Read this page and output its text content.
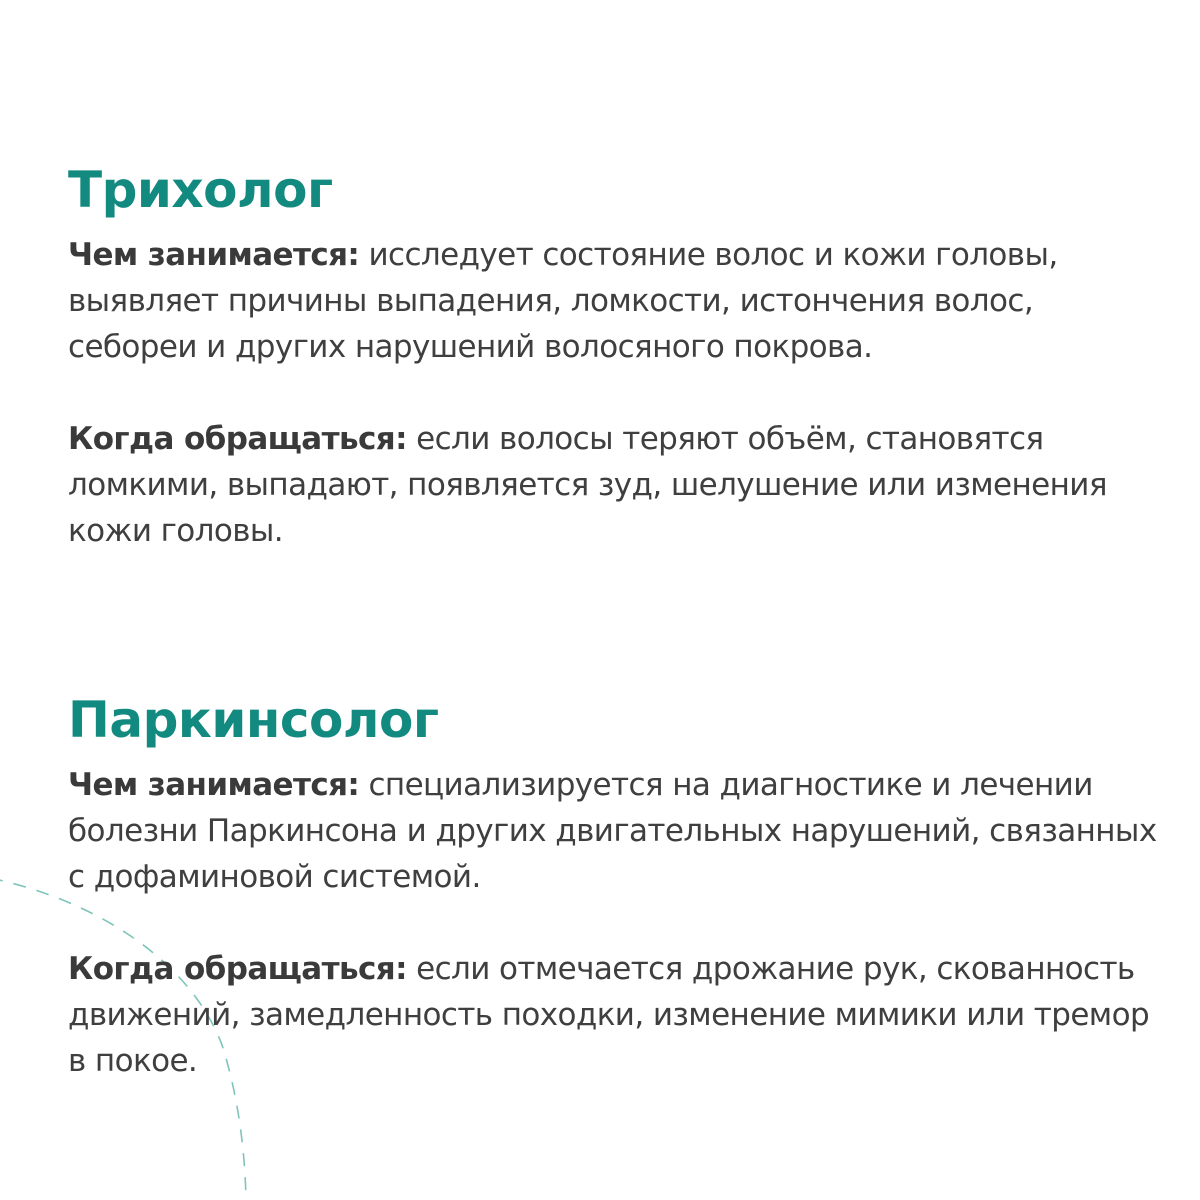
Трихолог

Чем занимается: исследует состояние волос и кожи головы, выявляет причины выпадения, ломкости, истончения волос, себореи и других нарушений волосяного покрова.

Когда обращаться: если волосы теряют объём, становятся ломкими, выпадают, появляется зуд, шелушение или изменения кожи головы.

Паркинсолог

Чем занимается: специализируется на диагностике и лечении болезни Паркинсона и других двигательных нарушений, связанных с дофаминовой системой.

Когда обращаться: если отмечается дрожание рук, скованность движений, замедленность походки, изменение мимики или тремор в покое.
